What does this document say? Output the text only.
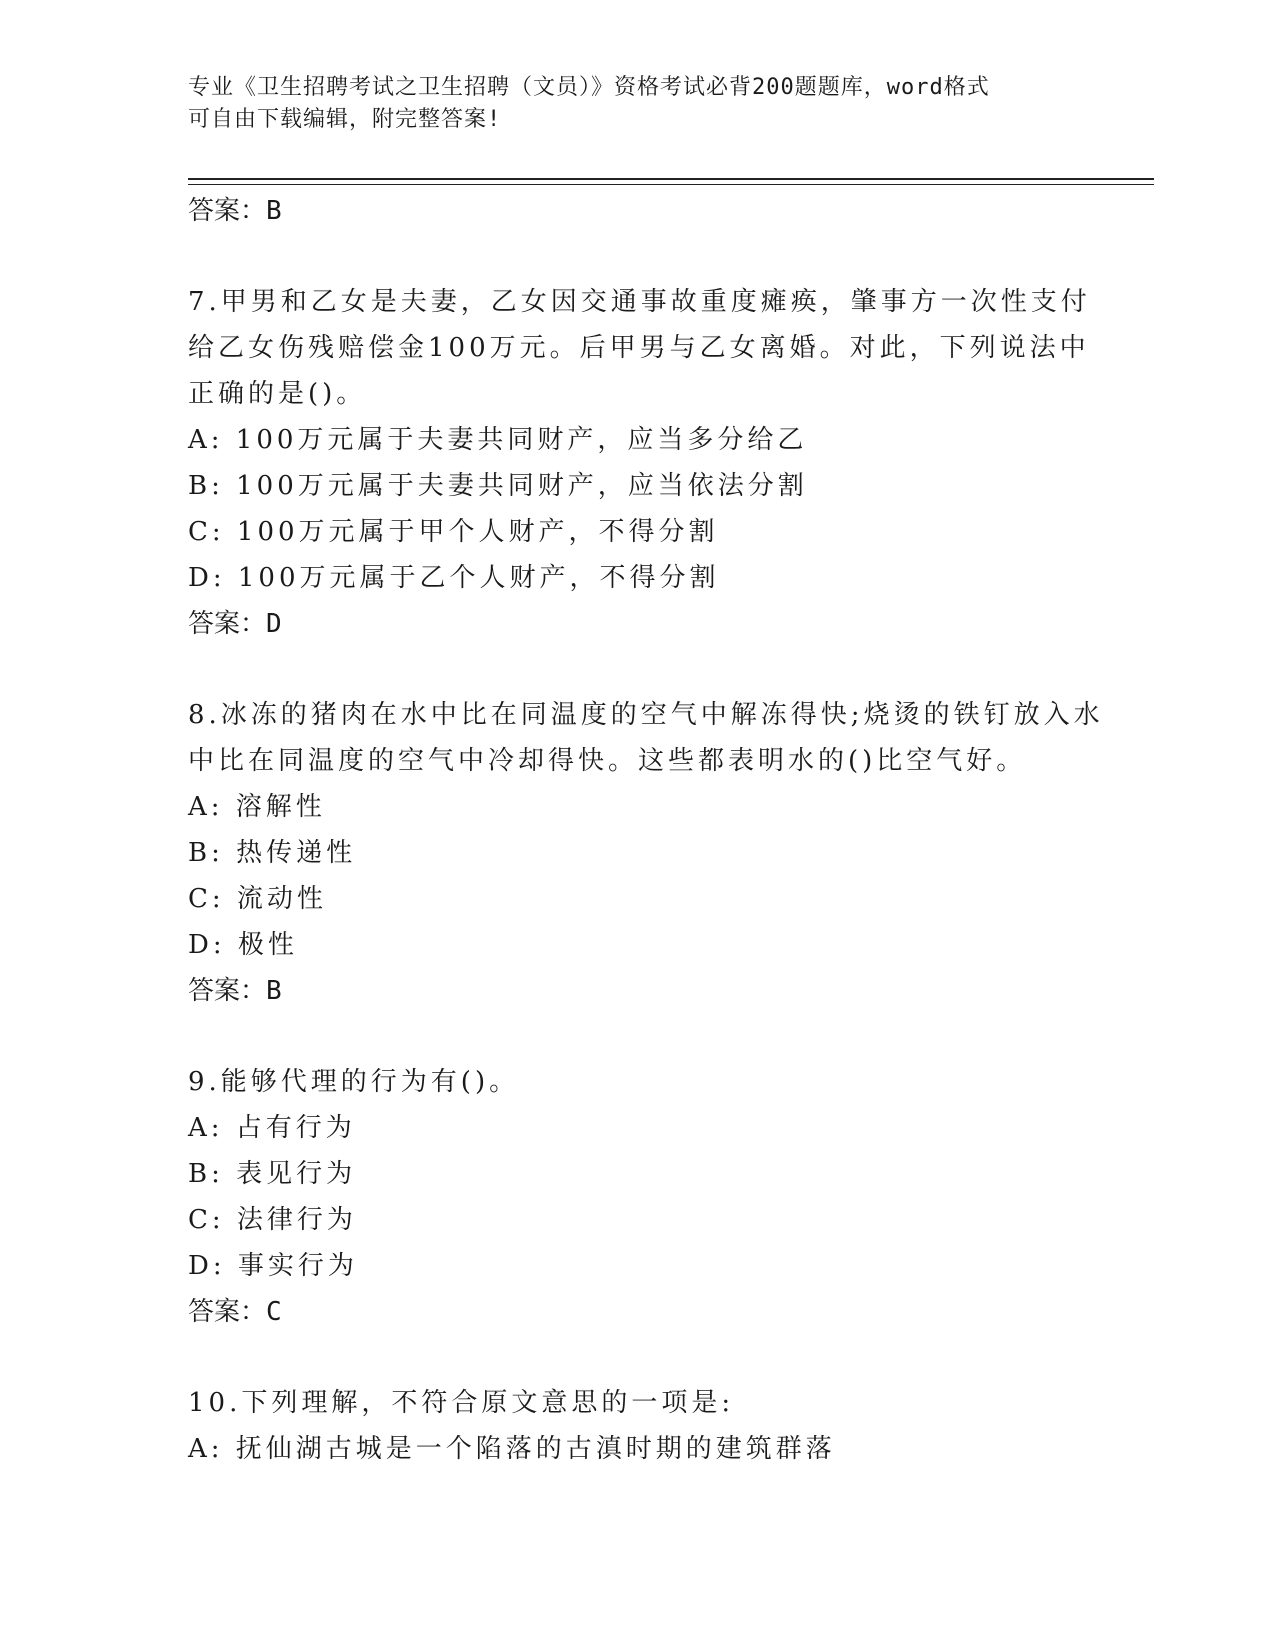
专业《卫生招聘考试之卫生招聘（文员）》资格考试必背200题题库，word格式
可自由下载编辑，附完整答案!
答案：B
7.甲男和乙女是夫妻，乙女因交通事故重度瘫痪，肇事方一次性支付
给乙女伤残赔偿金100万元。后甲男与乙女离婚。对此，下列说法中
正确的是()。
A: 100万元属于夫妻共同财产，应当多分给乙
B: 100万元属于夫妻共同财产，应当依法分割
C: 100万元属于甲个人财产，不得分割
D: 100万元属于乙个人财产，不得分割
答案：D
8.冰冻的猪肉在水中比在同温度的空气中解冻得快;烧烫的铁钉放入水
中比在同温度的空气中冷却得快。这些都表明水的()比空气好。
A: 溶解性
B: 热传递性
C: 流动性
D: 极性
答案：B
9.能够代理的行为有()。
A: 占有行为
B: 表见行为
C: 法律行为
D: 事实行为
答案：C
10.下列理解，不符合原文意思的一项是:
A: 抚仙湖古城是一个陷落的古滇时期的建筑群落
